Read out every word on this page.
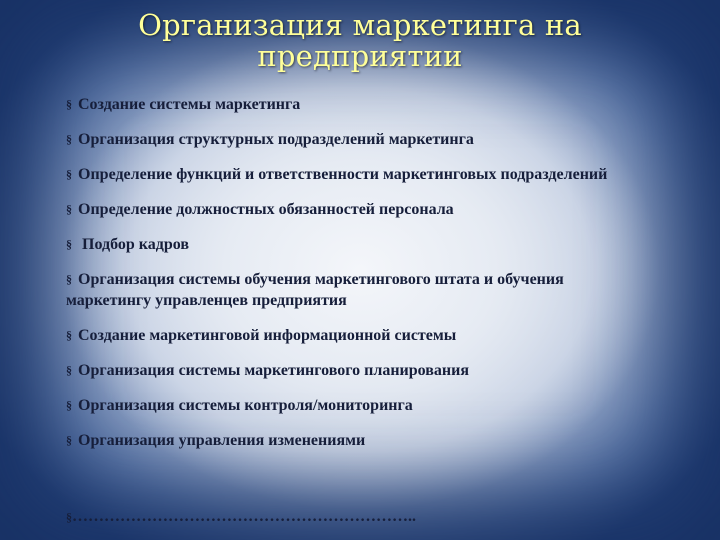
Организация маркетинга на
предприятии
§ Создание системы маркетинга
§ Организация структурных подразделений маркетинга
§ Определение функций и ответственности маркетинговых подразделений
§ Определение должностных обязанностей персонала
§ Подбор кадров
§ Организация системы обучения маркетингового штата и обучения маркетингу управленцев предприятия
§ Создание маркетинговой информационной системы
§ Организация системы маркетингового планирования
§ Организация системы контроля/мониторинга
§ Организация управления изменениями
§………………………………………………………..
